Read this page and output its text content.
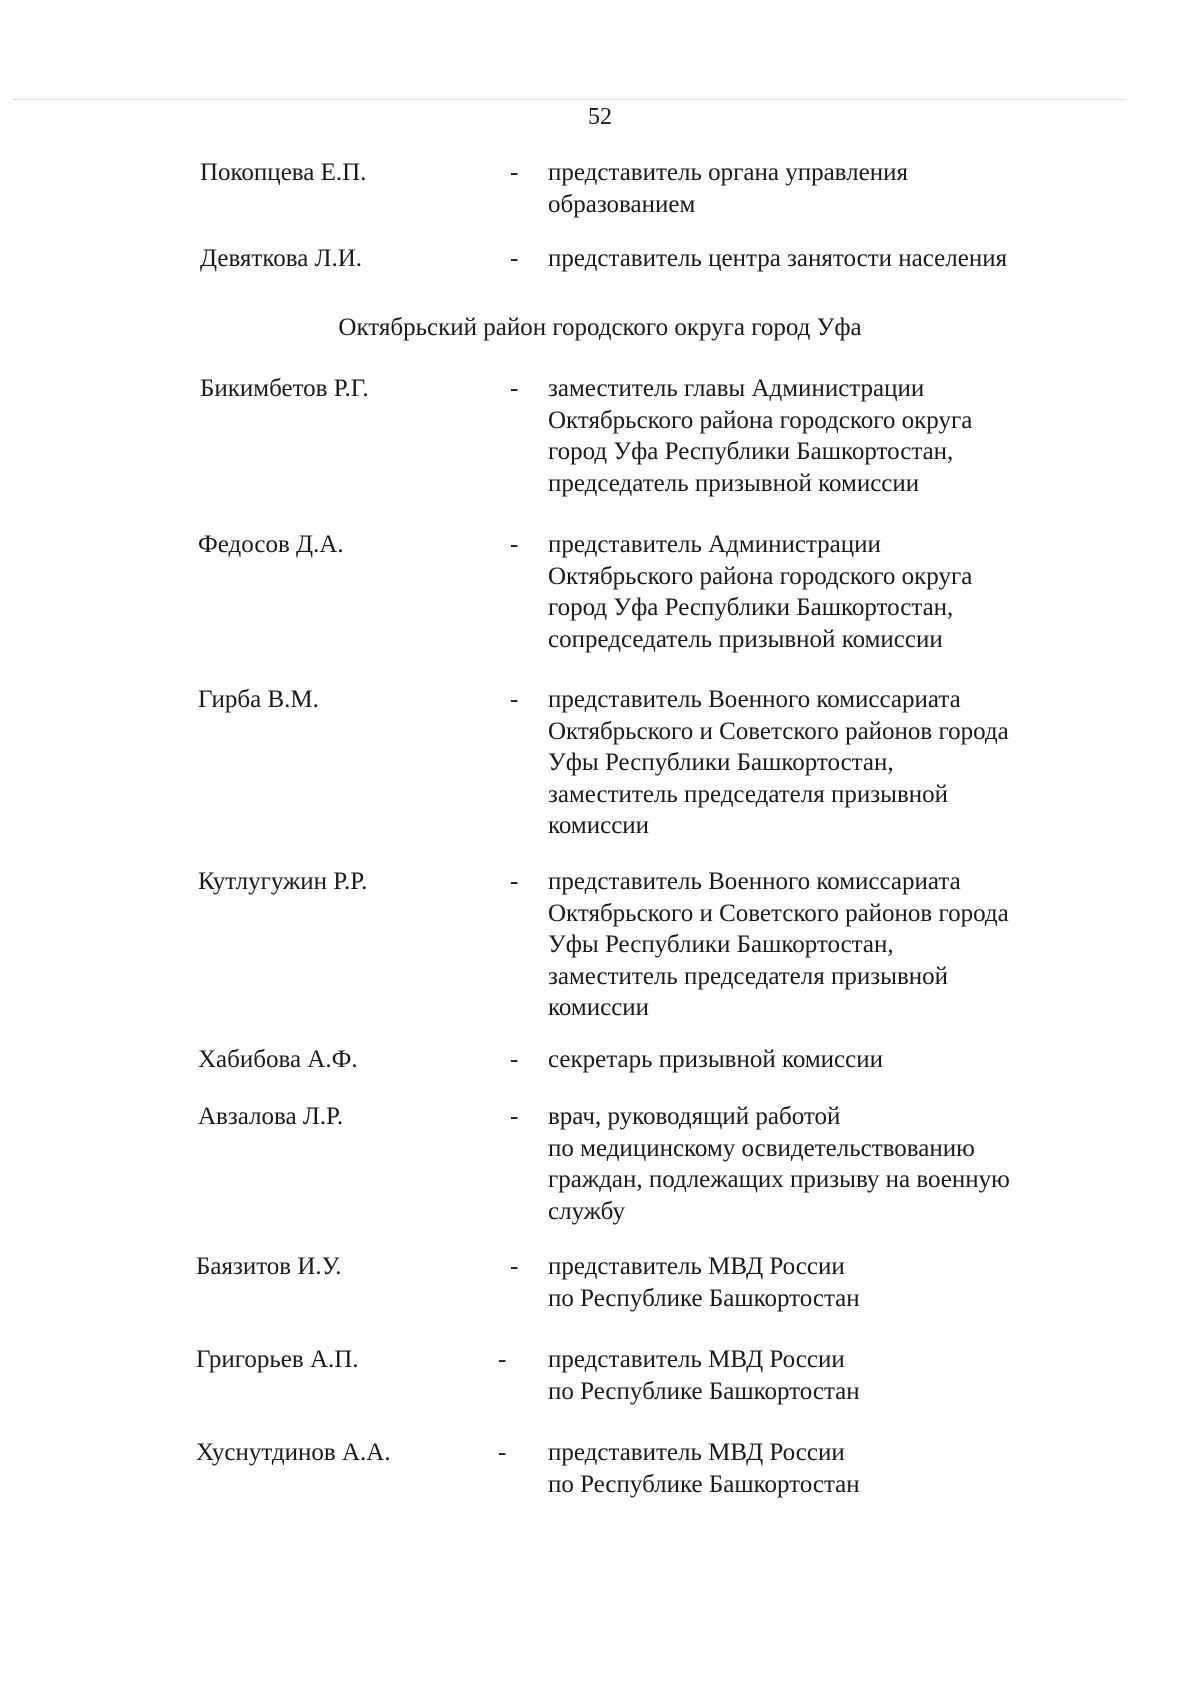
52
Покопцева Е.П.	- представитель органа управления
образованием
Девяткова Л.И.	- представитель центра занятости населения
Октябрьский район городского округа город Уфа
Бикимбетов Р.Г.	- заместитель главы Администрации
Октябрьского района городского округа
город Уфа Республики Башкортостан,
председатель призывной комиссии
Федосов Д.А.	- представитель Администрации
Октябрьского района городского округа
город Уфа Республики Башкортостан,
сопредседатель призывной комиссии
Гирба В.М.	- представитель Военного комиссариата
Октябрьского и Советского районов города
Уфы Республики Башкортостан,
заместитель председателя призывной
комиссии
Кутлугужин Р.Р.	- представитель Военного комиссариата
Октябрьского и Советского районов города
Уфы Республики Башкортостан,
заместитель председателя призывной
комиссии
Хабибова А.Ф.	- секретарь призывной комиссии
Авзалова Л.Р.	- врач, руководящий работой
по медицинскому освидетельствованию
граждан, подлежащих призыву на военную
службу
Баязитов И.У.	- представитель МВД России
по Республике Башкортостан
Григорьев А.П.	- представитель МВД России
по Республике Башкортостан
Хуснутдинов А.А.	- представитель МВД России
по Республике Башкортостан
